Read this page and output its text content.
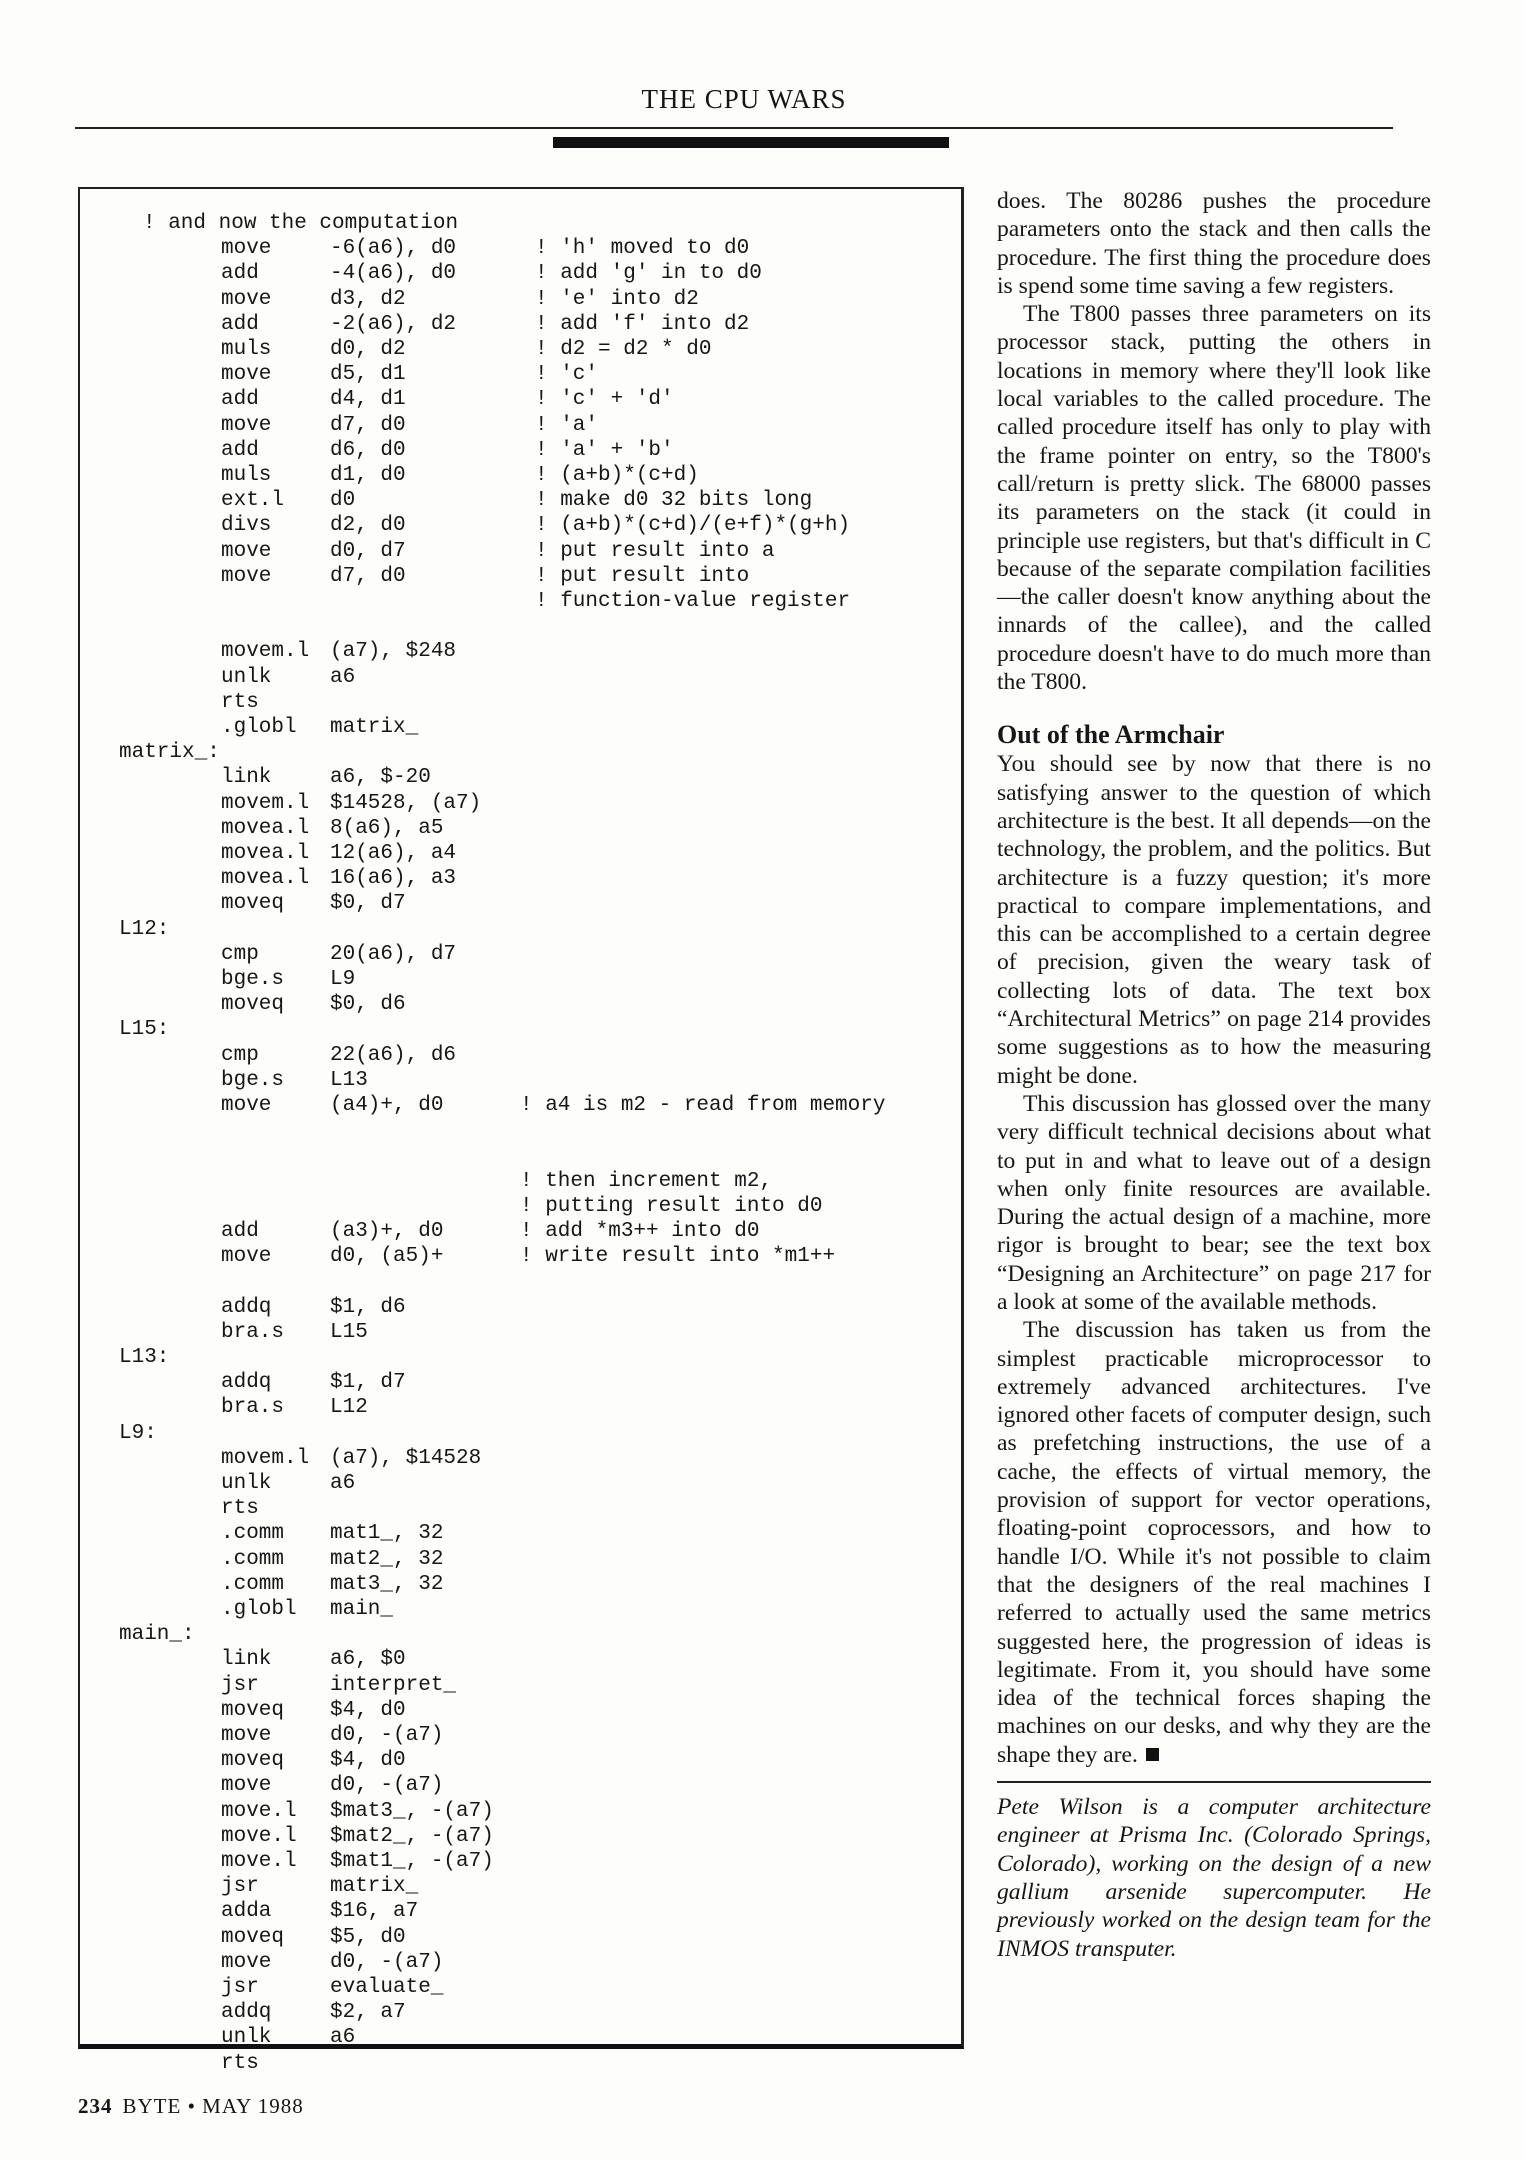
THE CPU WARS
! and now the computation
move	-6(a6), d0	! 'h' moved to d0
add	-4(a6), d0	! add 'g' in to d0
move	d3, d2	! 'e' into d2
add	-2(a6), d2	! add 'f' into d2
muls	d0, d2	! d2 = d2 * d0
move	d5, d1	! 'c'
add	d4, d1	! 'c' + 'd'
move	d7, d0	! 'a'
add	d6, d0	! 'a' + 'b'
muls	d1, d0	! (a+b)*(c+d)
ext.l d0	! make d0 32 bits long
divs	d2, d0	! (a+b)*(c+d)/(e+f)*(g+h)
move	d0, d7	! put result into a
move	d7, d0	! put result into
! function-value register
movem.l (a7), $248
unlk	a6
rts
.globl matrix_
matrix_:
link	a6, $-20
movem.l $14528, (a7)
movea.l 8(a6), a5
movea.l 12(a6), a4
movea.l 16(a6), a3
moveq $0, d7
L12:
cmp	20(a6), d7
bge.s L9
moveq $0, d6
L15:
cmp	22(a6), d6
bge.s L13
move	(a4)+, d0	! a4 is m2 - read from memory
! then increment m2,
! putting result into d0
add	(a3)+, d0	! add *m3++ into d0
move	d0, (a5)+	! write result into *m1++
addq	$1, d6
bra.s L15
L13:
addq	$1, d7
bra.s L12
L9:
movem.l (a7), $14528
unlk	a6
rts
.comm mat1_, 32
.comm mat2_, 32
.comm mat3_, 32
.globl main_
main_:
link	a6, $0
jsr	interpret_
moveq $4, d0
move	d0, -(a7)
moveq $4, d0
move	d0, -(a7)
move.l $mat3_, -(a7)
move.l $mat2_, -(a7)
move.l $mat1_, -(a7)
jsr	matrix_
adda	$16, a7
moveq $5, d0
move	d0, -(a7)
jsr	evaluate_
addq	$2, a7
unlk	a6
rts

does. The 80286 pushes the procedure parameters onto the stack and then calls the procedure. The first thing the procedure does is spend some time saving a few registers.

The T800 passes three parameters on its processor stack, putting the others in locations in memory where they'll look like local variables to the called procedure. The called procedure itself has only to play with the frame pointer on entry, so the T800's call/return is pretty slick. The 68000 passes its parameters on the stack (it could in principle use registers, but that's difficult in C because of the separate compilation facilities—the caller doesn't know anything about the innards of the callee), and the called procedure doesn't have to do much more than the T800.

Out of the Armchair

You should see by now that there is no satisfying answer to the question of which architecture is the best. It all depends—on the technology, the problem, and the politics. But architecture is a fuzzy question; it's more practical to compare implementations, and this can be accomplished to a certain degree of precision, given the weary task of collecting lots of data. The text box “Architectural Metrics” on page 214 provides some suggestions as to how the measuring might be done.

This discussion has glossed over the many very difficult technical decisions about what to put in and what to leave out of a design when only finite resources are available. During the actual design of a machine, more rigor is brought to bear; see the text box “Designing an Architecture” on page 217 for a look at some of the available methods.

The discussion has taken us from the simplest practicable microprocessor to extremely advanced architectures. I've ignored other facets of computer design, such as prefetching instructions, the use of a cache, the effects of virtual memory, the provision of support for vector operations, floating-point coprocessors, and how to handle I/O. While it's not possible to claim that the designers of the real machines I referred to actually used the same metrics suggested here, the progression of ideas is legitimate. From it, you should have some idea of the technical forces shaping the machines on our desks, and why they are the shape they are.

Pete Wilson is a computer architecture engineer at Prisma Inc. (Colorado Springs, Colorado), working on the design of a new gallium arsenide supercomputer. He previously worked on the design team for the INMOS transputer.

234 BYTE • MAY 1988
